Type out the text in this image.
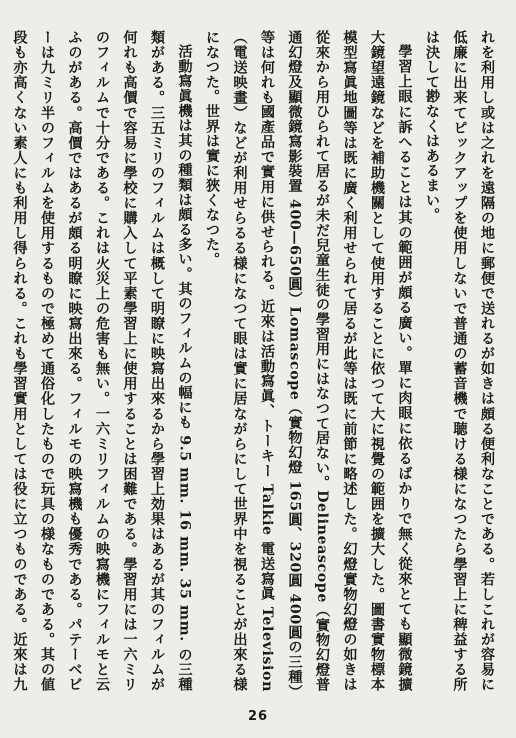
れを利用し或は之れを遠隔の地に郵便で送れるが如きは頗る便利なことである。若しこれが容易に低廉に出来てピックアップを使用しないで普通の蓄音機で聴ける様になつたら學習上に稗益する所は決して尠なくはあるまい。

學習上眼に訴へることは其の範囲が頗る廣い。單に肉眼に依るばかりで無く從來とても顯微鏡擴大鏡望遠鏡などを補助機關として使用することに依つて大に視覺の範囲を擴大した。圖書實物標本模型寫眞地圖等は既に廣く利用せられて居るが此等は既に前節に略述した。幻燈實物幻燈の如きは從來から用ひられて居るが未だ兒童生徒の學習用にはなつて居ない。Delineascope（實物幻燈普通幻燈及顯微鏡寫影裝置 400—650圓）Lomascope（實物幻燈 165圓、320圓 400圓の三種）等は何れも國產品で實用に供せられる。近來は活動寫眞、トーキー Talkie 電送寫眞 Television（電送映畫）などが利用せらるる様になつて眼は實に居ながらにして世界中を視ることが出來る様になつた。世界は實に狹くなつた。

活動寫眞機は其の種類は頗る多い。其のフィルムの幅にも 9.5 mm. 16 mm. 35 mm. の三種類がある。三五ミリのフィルムは概して明瞭に映寫出來るから學習上効果はあるが其のフィルムが何れも高價で容易に學校に購入して平素學習上に使用することは困難である。學習用には一六ミリのフィルムで十分である。これは火災上の危害も無い。一六ミリフィルムの映寫機にフィルモと云ふのがある。高價ではあるが頗る明瞭に映寫出來る。フィルモの映寫機も優秀である。パテーベビーは九ミリ半のフィルムを使用するもので極めて通俗化したもので玩具の様なものである。其の値段も亦高くない素人にも利用し得られる。これも學習實用としては役に立つものである。近來は九

26
